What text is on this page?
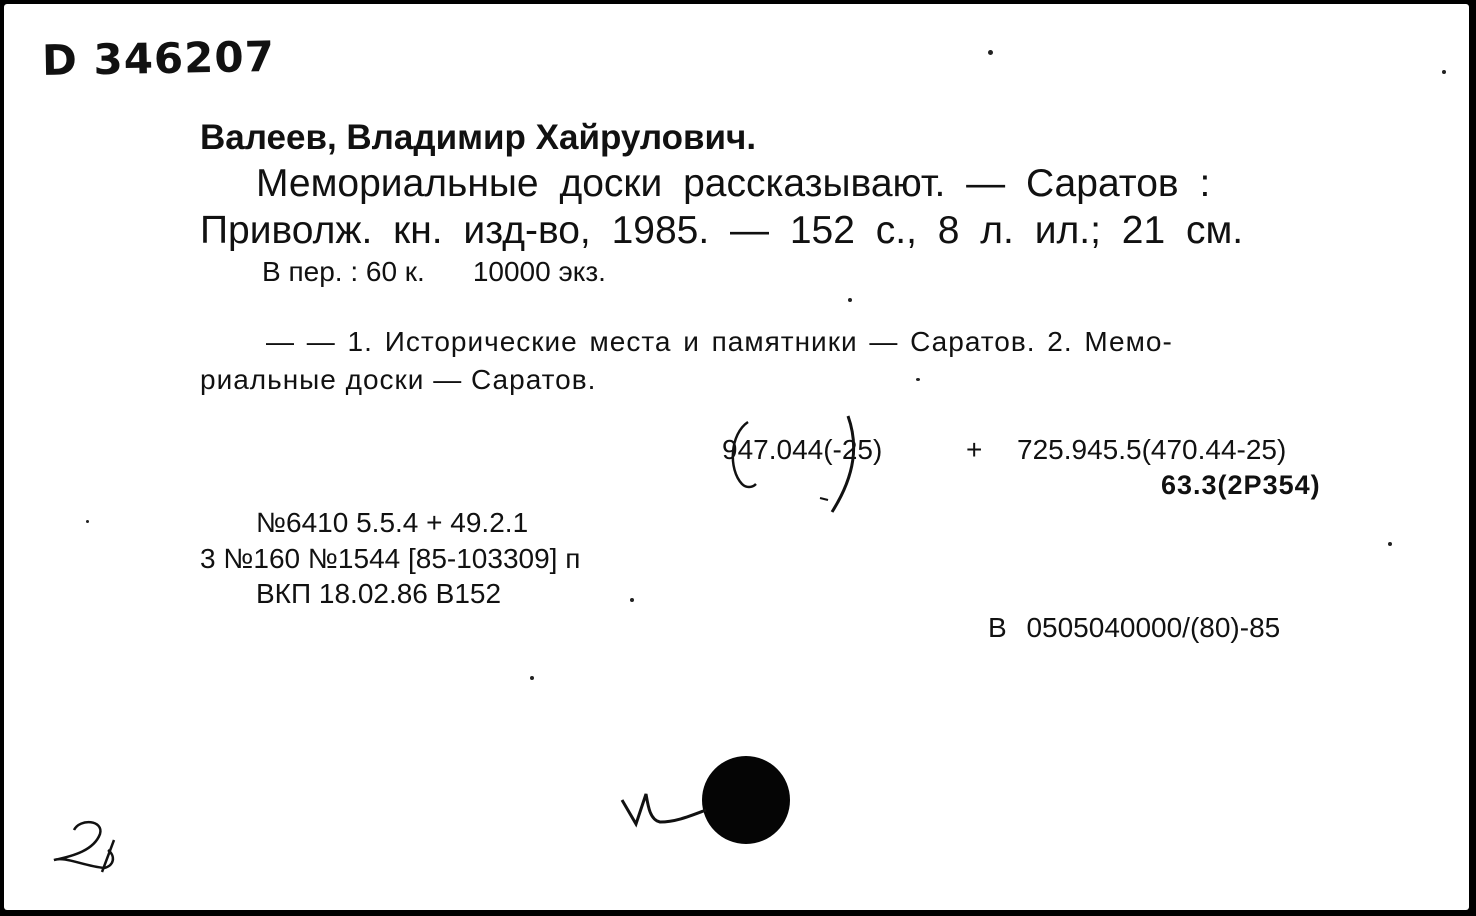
D 346207
Валеев, Владимир Хайрулович.
Мемориальные доски рассказывают. — Саратов :
Приволж. кн. изд-во, 1985. — 152 с., 8 л. ил.; 21 см.
В пер. : 60 к. 10000 экз.
— — 1. Исторические места и памятники — Саратов. 2. Мемо-
риальные доски — Саратов.
947.044(-25)	+ 725.945.5(470.44-25)
63.3(2Р354)
№6410 5.5.4 + 49.2.1
3 №160 №1544 [85-103309] п
ВКП 18.02.86 В152
В 0505040000/(80)-85
